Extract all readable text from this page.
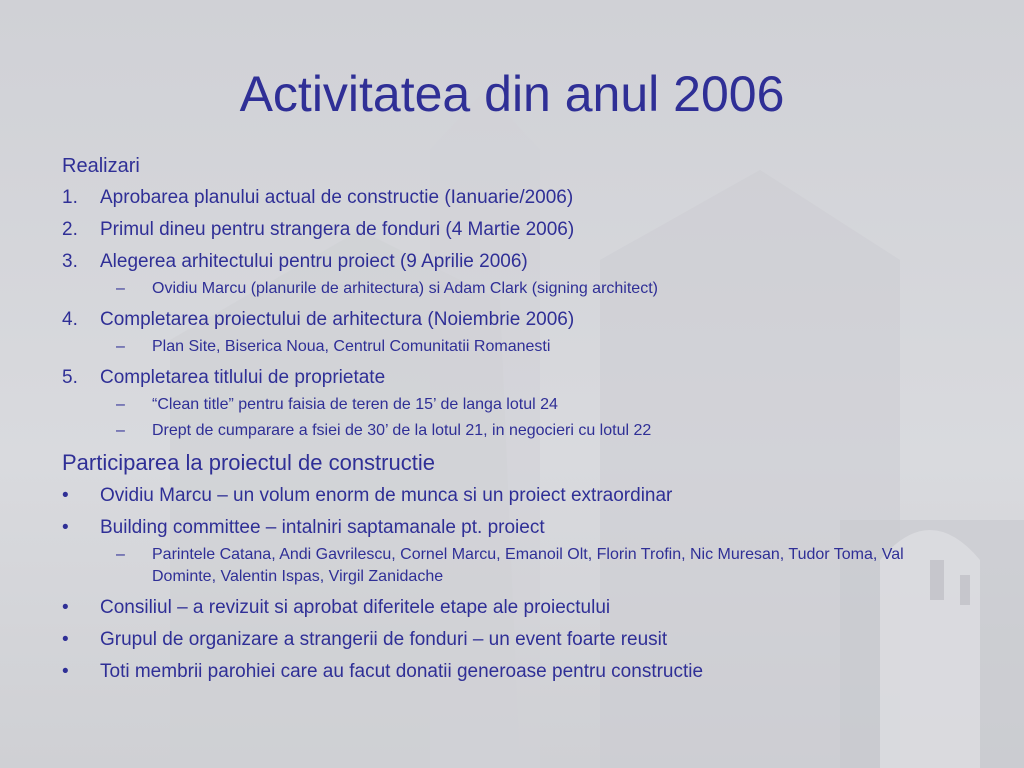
Activitatea din anul 2006
Realizari
1. Aprobarea planului actual de constructie (Ianuarie/2006)
2. Primul dineu pentru strangera de fonduri (4 Martie 2006)
3. Alegerea arhitectului pentru proiect (9 Aprilie 2006)
– Ovidiu Marcu (planurile de arhitectura) si Adam Clark (signing architect)
4. Completarea proiectului de arhitectura (Noiembrie 2006)
– Plan Site, Biserica Noua, Centrul Comunitatii Romanesti
5. Completarea titlului de proprietate
– “Clean title” pentru faisia de teren de 15’ de langa lotul 24
– Drept de cumparare a fsiei de 30’ de la lotul 21, in negocieri cu lotul 22
Participarea la proiectul de constructie
• Ovidiu Marcu – un volum enorm de munca si un proiect extraordinar
• Building committee – intalniri saptamanale pt. proiect
– Parintele Catana, Andi Gavrilescu, Cornel Marcu, Emanoil Olt, Florin Trofin, Nic Muresan, Tudor Toma, Val Dominte, Valentin Ispas, Virgil Zanidache
• Consiliul – a revizuit si aprobat diferitele etape ale proiectului
• Grupul de organizare a strangerii de fonduri – un event foarte reusit
• Toti membrii parohiei care au facut donatii generoase pentru constructie
